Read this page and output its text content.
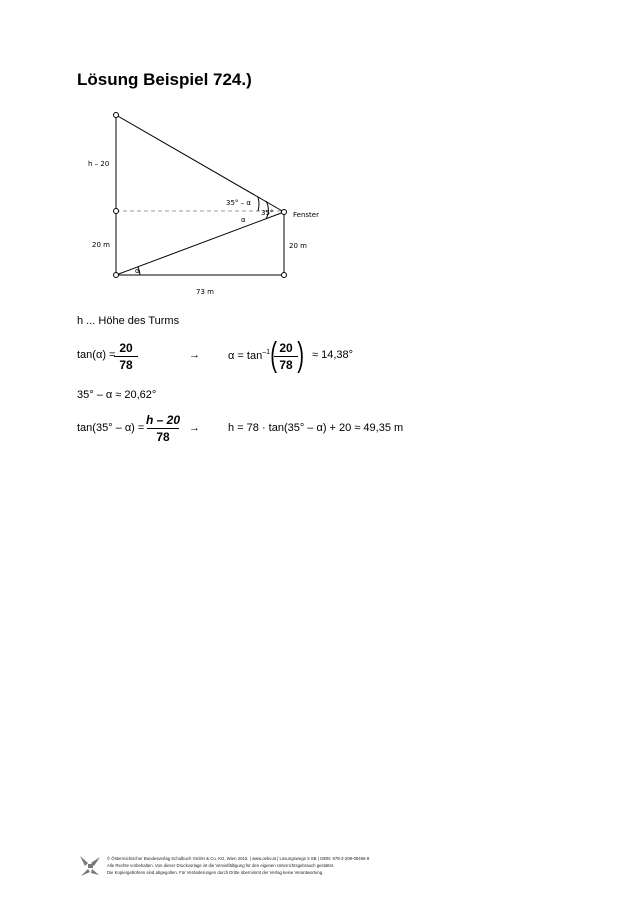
Lösung Beispiel 724.)
h – 20
20 m	20 m
73 m
35° – α
35°
α
α
Fenster
h ... Höhe des Turms
tan(α) = 20
78
→	$\alpha = \tan^{-1}$ ( 20
78 ) ≈ 14,38°
35° – α ≈ 20,62°
tan(35° – α) =
h – 20
78
→	h = 78 · tan(35° – α) + 20 ≈ 49,35 m
© Österreichischer Bundesverlag Schulbuch GmbH & Co. KG, Wien 2015. | www.oebv.at | Lösungswege 5 SB | ISBN: 978-3-209-08466-8
Alle Rechte vorbehalten. Von dieser Druckvorlage ist die Vervielfältigung für den eigenen Unterrichtsgebrauch gestattet.
Die Kopiergebühren sind abgegolten. Für Veränderungen durch Dritte übernimmt der Verlag keine Verantwortung.
